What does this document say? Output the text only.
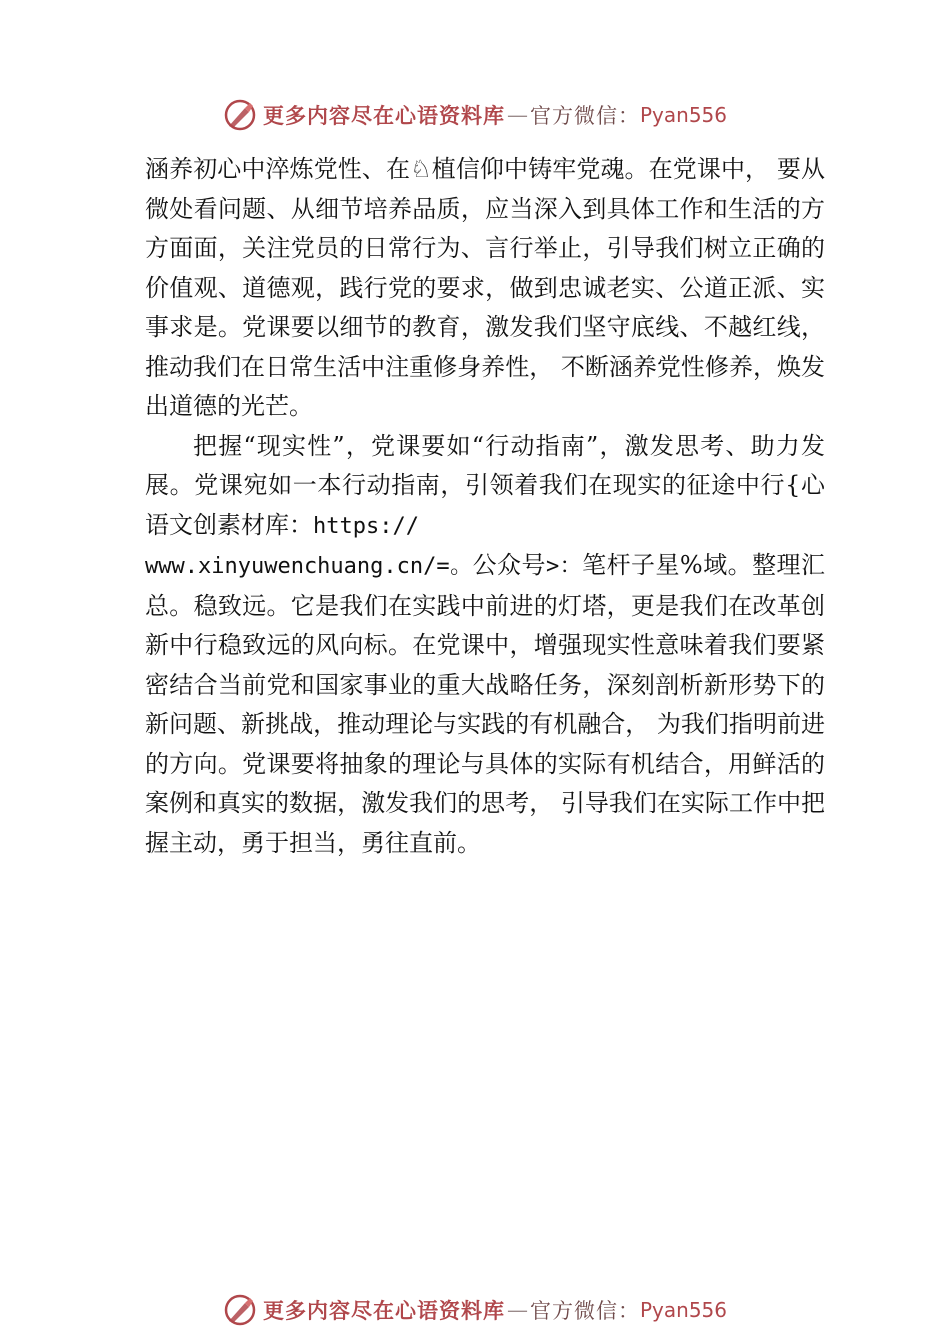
更多内容尽在心语资料库 — 官方微信： Pyan556

涵养初心中淬炼党性、在♘植信仰中铸牢党魂。在党课中， 要从微处看问题、从细节培养品质，应当深入到具体工作和生活的方方面面，关注党员的日常行为、言行举止，引导我们树立正确的价值观、道德观，践行党的要求，做到忠诚老实、公道正派、实事求是。党课要以细节的教育，激发我们坚守底线、不越红线，推动我们在日常生活中注重修身养性， 不断涵养党性修养，焕发出道德的光芒。

把握“现实性”，党课要如“行动指南”，激发思考、助力发展。党课宛如一本行动指南，引领着我们在现实的征途中行{心语文创素材库：https://
www.xinyuwenchuang.cn/=。公众号>：笔杆子星%域。整理汇总。稳致远。它是我们在实践中前进的灯塔，更是我们在改革创新中行稳致远的风向标。在党课中，增强现实性意味着我们要紧密结合当前党和国家事业的重大战略任务，深刻剖析新形势下的新问题、新挑战，推动理论与实践的有机融合， 为我们指明前进的方向。党课要将抽象的理论与具体的实际有机结合，用鲜活的案例和真实的数据，激发我们的思考， 引导我们在实际工作中把握主动，勇于担当，勇往直前。

更多内容尽在心语资料库 — 官方微信： Pyan556
